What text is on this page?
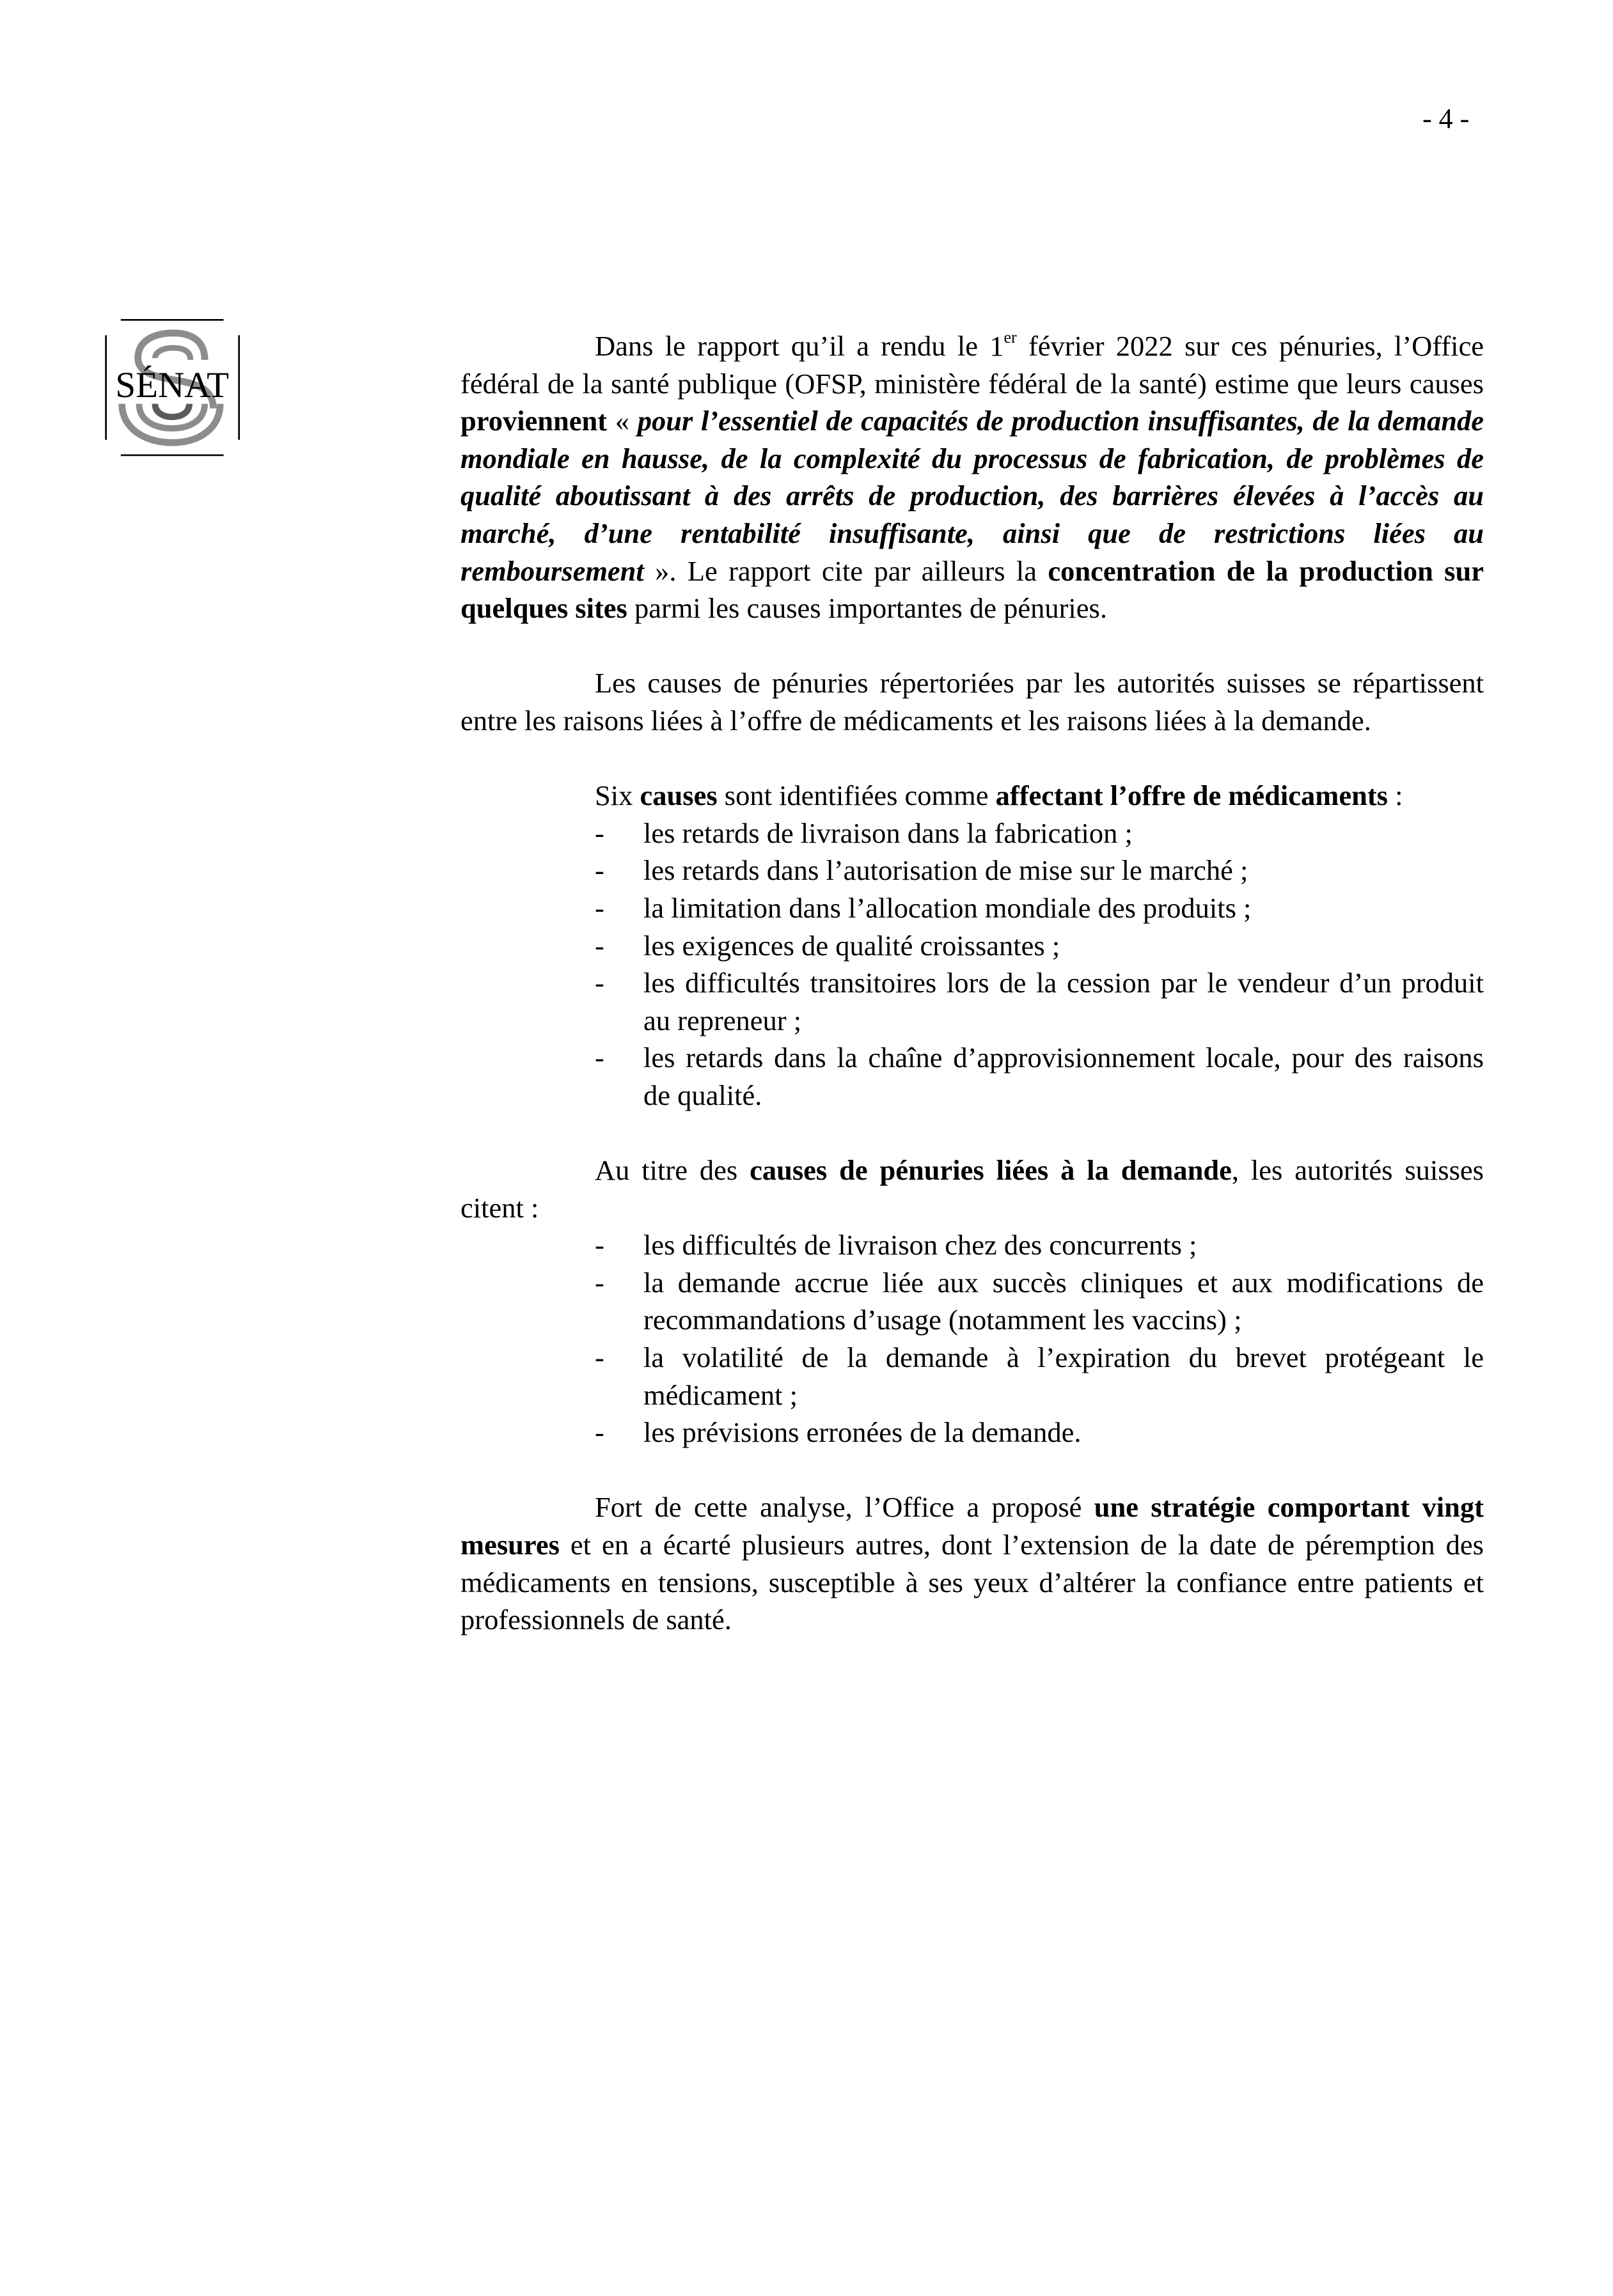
- 4 -
SÉNAT

Dans le rapport qu’il a rendu le 1er février 2022 sur ces pénuries, l’Office fédéral de la santé publique (OFSP, ministère fédéral de la santé) estime que leurs causes proviennent « pour l’essentiel de capacités de production insuffisantes, de la demande mondiale en hausse, de la complexité du processus de fabrication, de problèmes de qualité aboutissant à des arrêts de production, des barrières élevées à l’accès au marché, d’une rentabilité insuffisante, ainsi que de restrictions liées au remboursement ». Le rapport cite par ailleurs la concentration de la production sur quelques sites parmi les causes importantes de pénuries.

Les causes de pénuries répertoriées par les autorités suisses se répartissent entre les raisons liées à l’offre de médicaments et les raisons liées à la demande.

Six causes sont identifiées comme affectant l’offre de médicaments :

- les retards de livraison dans la fabrication ;
- les retards dans l’autorisation de mise sur le marché ;
- la limitation dans l’allocation mondiale des produits ;
- les exigences de qualité croissantes ;
- les difficultés transitoires lors de la cession par le vendeur d’un produit au repreneur ;
- les retards dans la chaîne d’approvisionnement locale, pour des raisons de qualité.

Au titre des causes de pénuries liées à la demande, les autorités suisses citent :

- les difficultés de livraison chez des concurrents ;
- la demande accrue liée aux succès cliniques et aux modifications de recommandations d’usage (notamment les vaccins) ;
- la volatilité de la demande à l’expiration du brevet protégeant le médicament ;
- les prévisions erronées de la demande.

Fort de cette analyse, l’Office a proposé une stratégie comportant vingt mesures et en a écarté plusieurs autres, dont l’extension de la date de péremption des médicaments en tensions, susceptible à ses yeux d’altérer la confiance entre patients et professionnels de santé.
